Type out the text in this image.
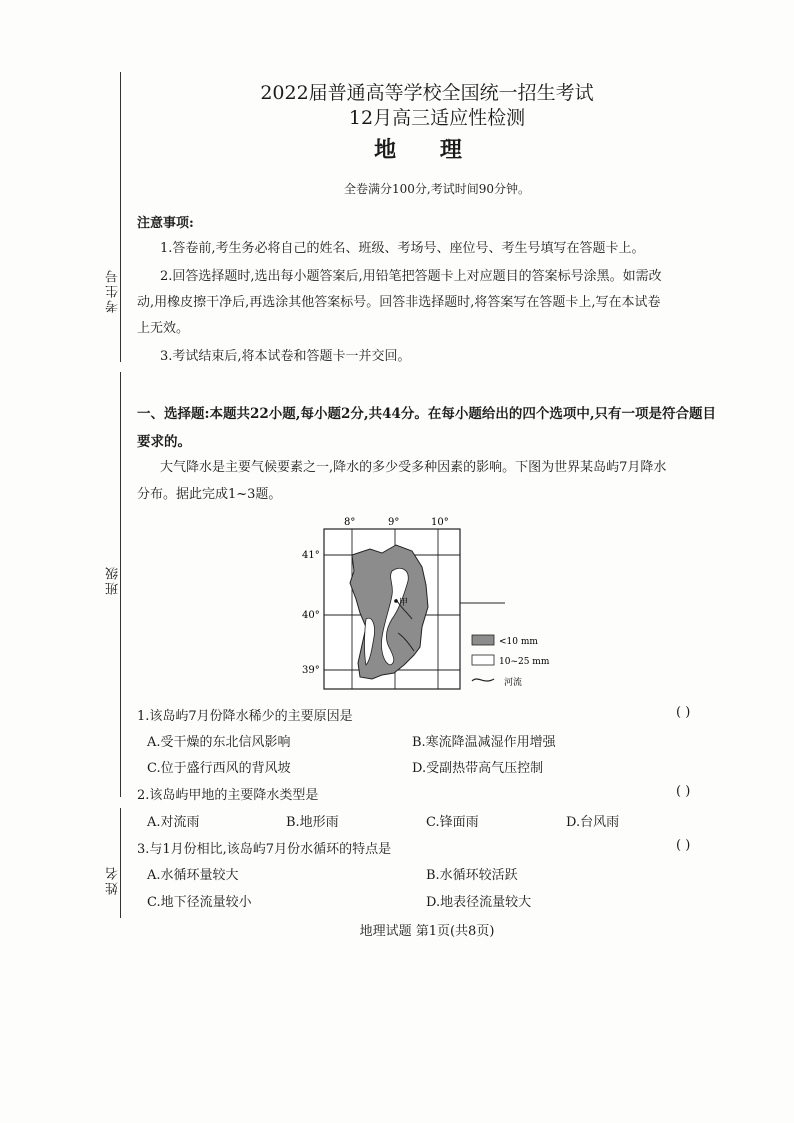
考生号
班级
姓名
2022届普通高等学校全国统一招生考试
12月高三适应性检测
地 理
全卷满分100分,考试时间90分钟。
注意事项:
1.答卷前,考生务必将自己的姓名、班级、考场号、座位号、考生号填写在答题卡上。
2.回答选择题时,选出每小题答案后,用铅笔把答题卡上对应题目的答案标号涂黑。如需改
动,用橡皮擦干净后,再选涂其他答案标号。回答非选择题时,将答案写在答题卡上,写在本试卷
上无效。
3.考试结束后,将本试卷和答题卡一并交回。
一、选择题:本题共22小题,每小题2分,共44分。在每小题给出的四个选项中,只有一项是符合题目要求的。
大气降水是主要气候要素之一,降水的多少受多种因素的影响。下图为世界某岛屿7月降水
分布。据此完成1~3题。
甲
8°	9°	10°
41°
40°
39°
<10 mm
10~25 mm
河流
1.该岛屿7月份降水稀少的主要原因是	( )
A.受干燥的东北信风影响	B.寒流降温减湿作用增强
C.位于盛行西风的背风坡	D.受副热带高气压控制
2.该岛屿甲地的主要降水类型是	( )
A.对流雨	B.地形雨	C.锋面雨	D.台风雨
3.与1月份相比,该岛屿7月份水循环的特点是	( )
A.水循环量较大	B.水循环较活跃
C.地下径流量较小	D.地表径流量较大
地理试题 第1页(共8页)
